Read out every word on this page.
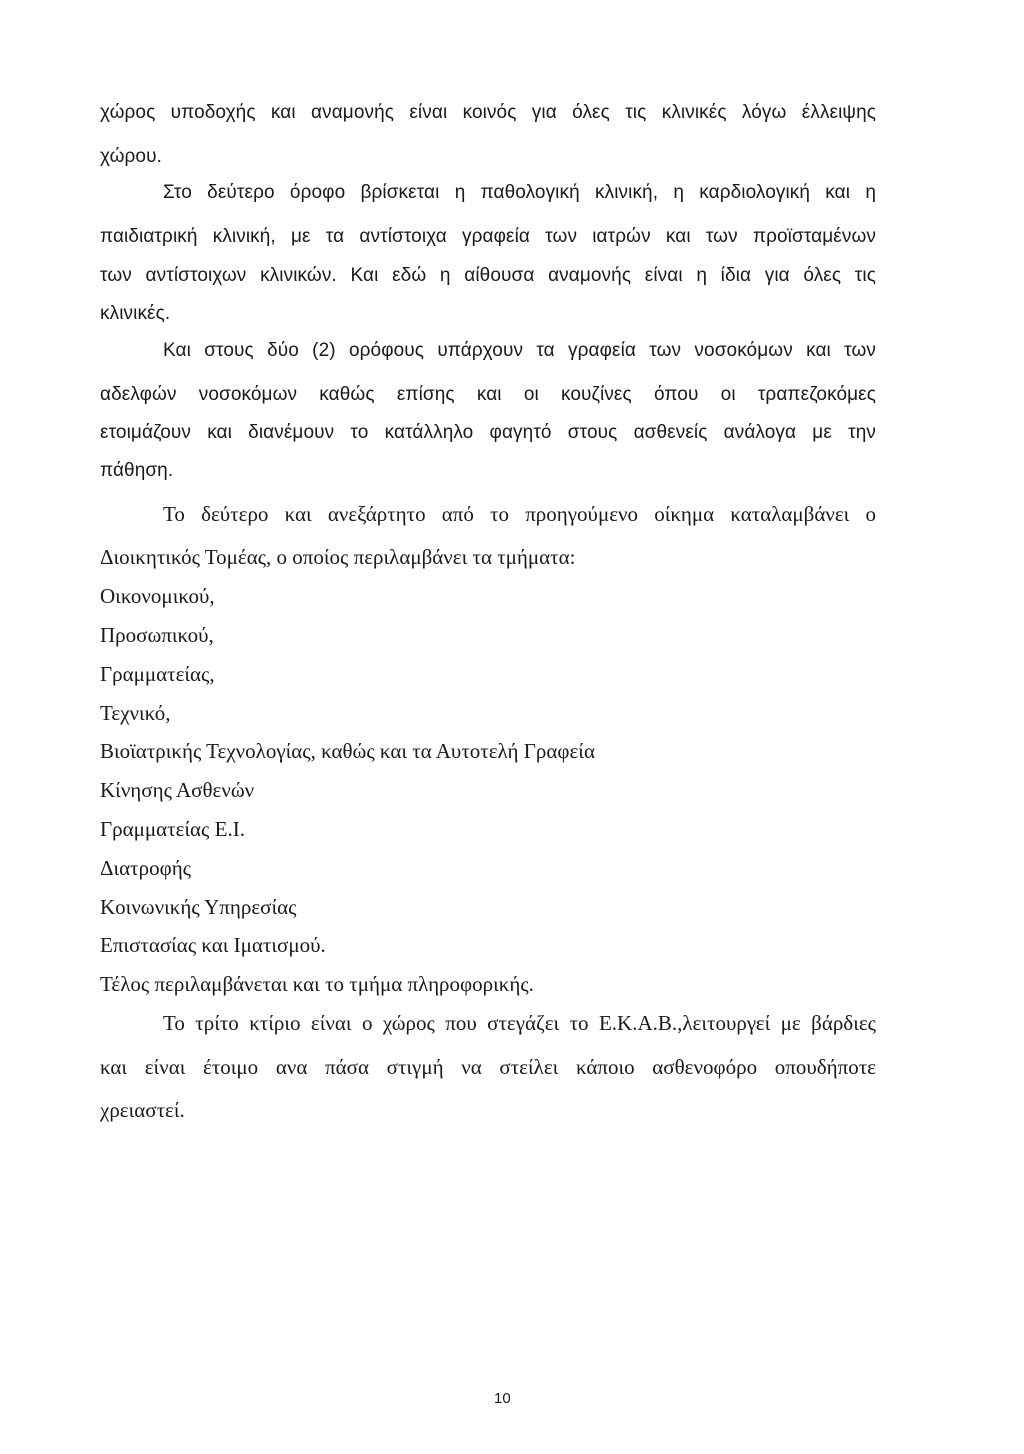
χώρος υποδοχής και αναμονής είναι κοινός για όλες τις κλινικές λόγω έλλειψης

χώρου.

Στο δεύτερο όροφο βρίσκεται η παθολογική κλινική, η καρδιολογική και η

παιδιατρική κλινική, με τα αντίστοιχα γραφεία των ιατρών και των προϊσταμένων

των αντίστοιχων κλινικών. Και εδώ η αίθουσα αναμονής είναι η ίδια για όλες τις

κλινικές.

Και στους δύο (2) ορόφους υπάρχουν τα γραφεία των νοσοκόμων και των

αδελφών νοσοκόμων καθώς επίσης και οι κουζίνες όπου οι τραπεζοκόμες

ετοιμάζουν και διανέμουν το κατάλληλο φαγητό στους ασθενείς ανάλογα με την

πάθηση.

Το δεύτερο και ανεξάρτητο από το προηγούμενο οίκημα καταλαμβάνει ο

Διοικητικός Τομέας, ο οποίος περιλαμβάνει τα τμήματα:

Οικονομικού,

Προσωπικού,

Γραμματείας,

Τεχνικό,

Βιοϊατρικής Τεχνολογίας, καθώς και τα Αυτοτελή Γραφεία

Κίνησης Ασθενών

Γραμματείας Ε.Ι.

Διατροφής

Κοινωνικής Υπηρεσίας

Επιστασίας και Ιματισμού.

Τέλος περιλαμβάνεται και το τμήμα πληροφορικής.

Το τρίτο κτίριο είναι ο χώρος που στεγάζει το Ε.Κ.Α.Β.,λειτουργεί με βάρδιες

και είναι έτοιμο ανα πάσα στιγμή να στείλει κάποιο ασθενοφόρο οπουδήποτε

χρειαστεί.

10
